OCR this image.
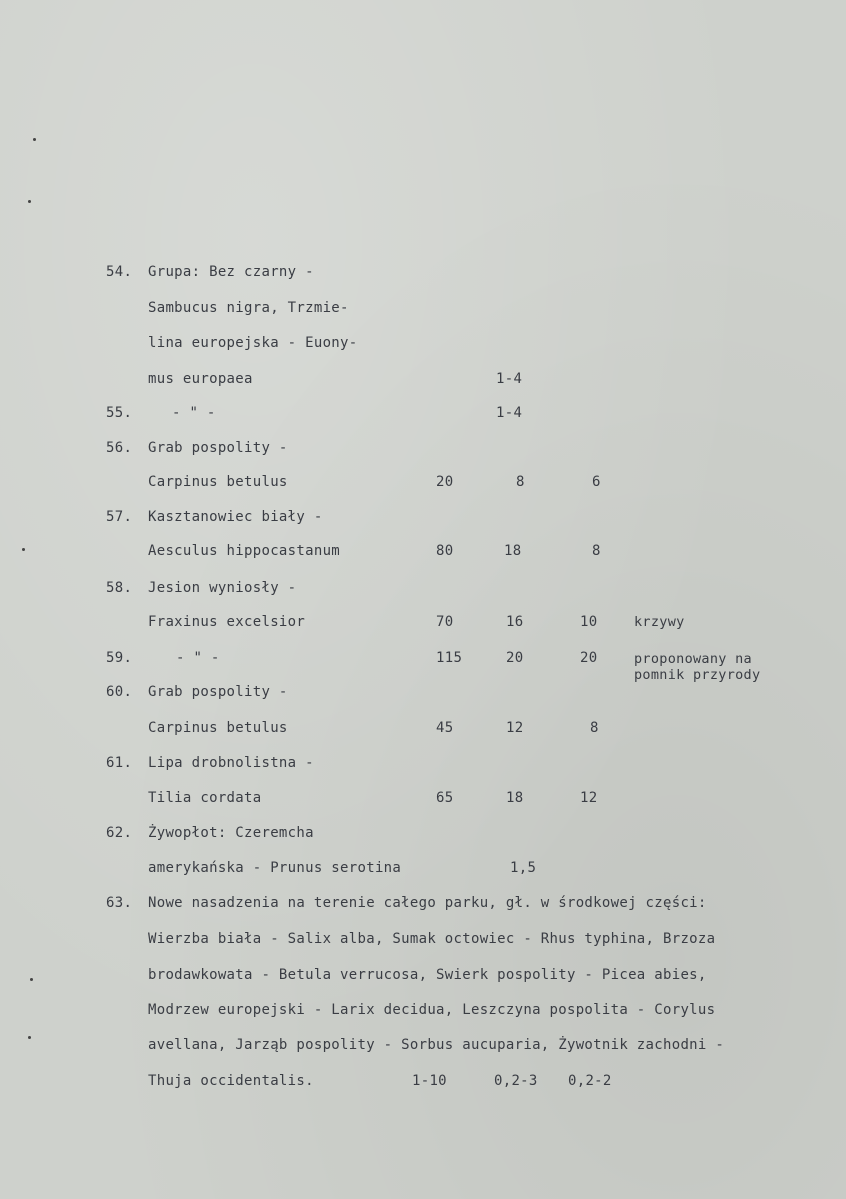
54. Grupa: Bez czarny -
Sambucus nigra, Trzmie-
lina europejska - Euony-
mus europaea	1-4
55.	- " -	1-4
56. Grab pospolity -
Carpinus betulus	20	8	6
57. Kasztanowiec biały -
Aesculus hippocastanum	80	18	8
58. Jesion wyniosły -
Fraxinus excelsior	70	16	10	krzywy
59.	- " -	115	20	20	proponowany na
pomnik przyrody
60. Grab pospolity -
Carpinus betulus	45	12	8
61. Lipa drobnolistna -
Tilia cordata	65	18	12
62. Żywopłot: Czeremcha
amerykańska - Prunus serotina	1,5
63. Nowe nasadzenia na terenie całego parku, gł. w środkowej części:
Wierzba biała - Salix alba, Sumak octowiec - Rhus typhina, Brzoza
brodawkowata - Betula verrucosa, Swierk pospolity - Picea abies,
Modrzew europejski - Larix decidua, Leszczyna pospolita - Corylus
avellana, Jarząb pospolity - Sorbus aucuparia, Żywotnik zachodni -
Thuja occidentalis.	1-10	0,2-3 0,2-2
